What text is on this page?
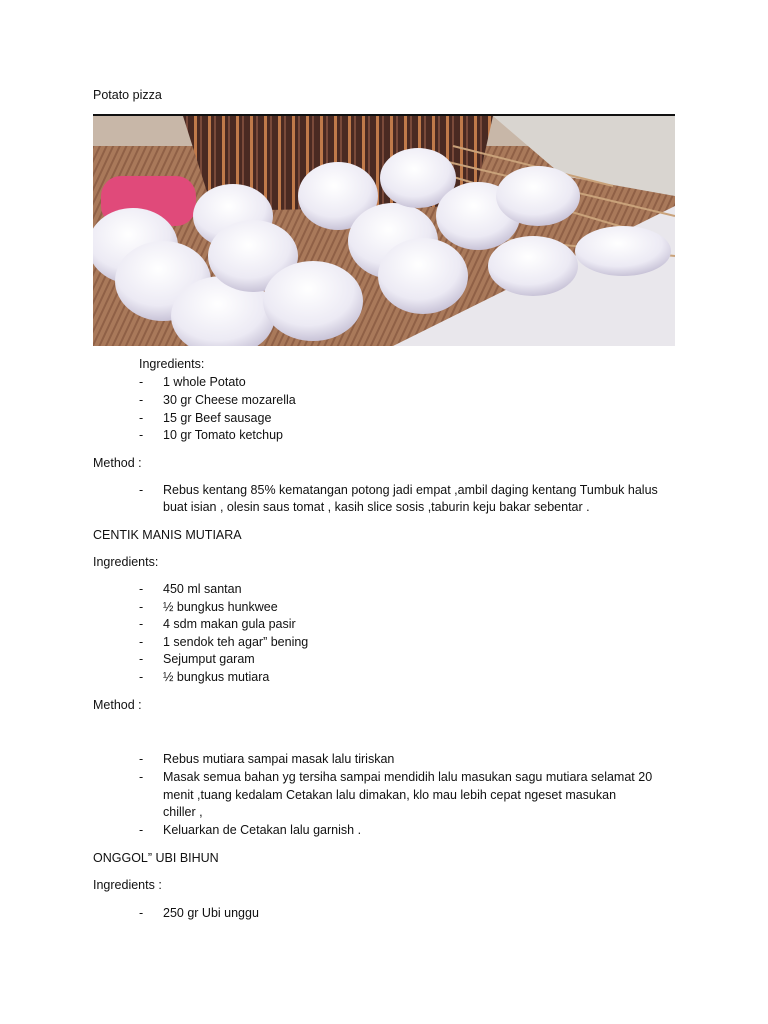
Potato pizza
Ingredients:
- 1 whole Potato
- 30 gr Cheese mozarella
- 15 gr Beef sausage
- 10 gr Tomato ketchup
Method :
- Rebus kentang 85% kematangan potong jadi empat ,ambil daging kentang Tumbuk halus
buat isian , olesin saus tomat , kasih slice sosis ,taburin keju bakar sebentar .
CENTIK MANIS MUTIARA
Ingredients:
- 450 ml santan
- ½ bungkus hunkwee
- 4 sdm makan gula pasir
- 1 sendok teh agar” bening
- Sejumput garam
- ½ bungkus mutiara
Method :
- Rebus mutiara sampai masak lalu tiriskan
- Masak semua bahan yg tersiha sampai mendidih lalu masukan sagu mutiara selamat 20
menit ,tuang kedalam Cetakan lalu dimakan, klo mau lebih cepat ngeset masukan
chiller ,
- Keluarkan de Cetakan lalu garnish .
ONGGOL” UBI BIHUN
Ingredients :
- 250 gr Ubi unggu
